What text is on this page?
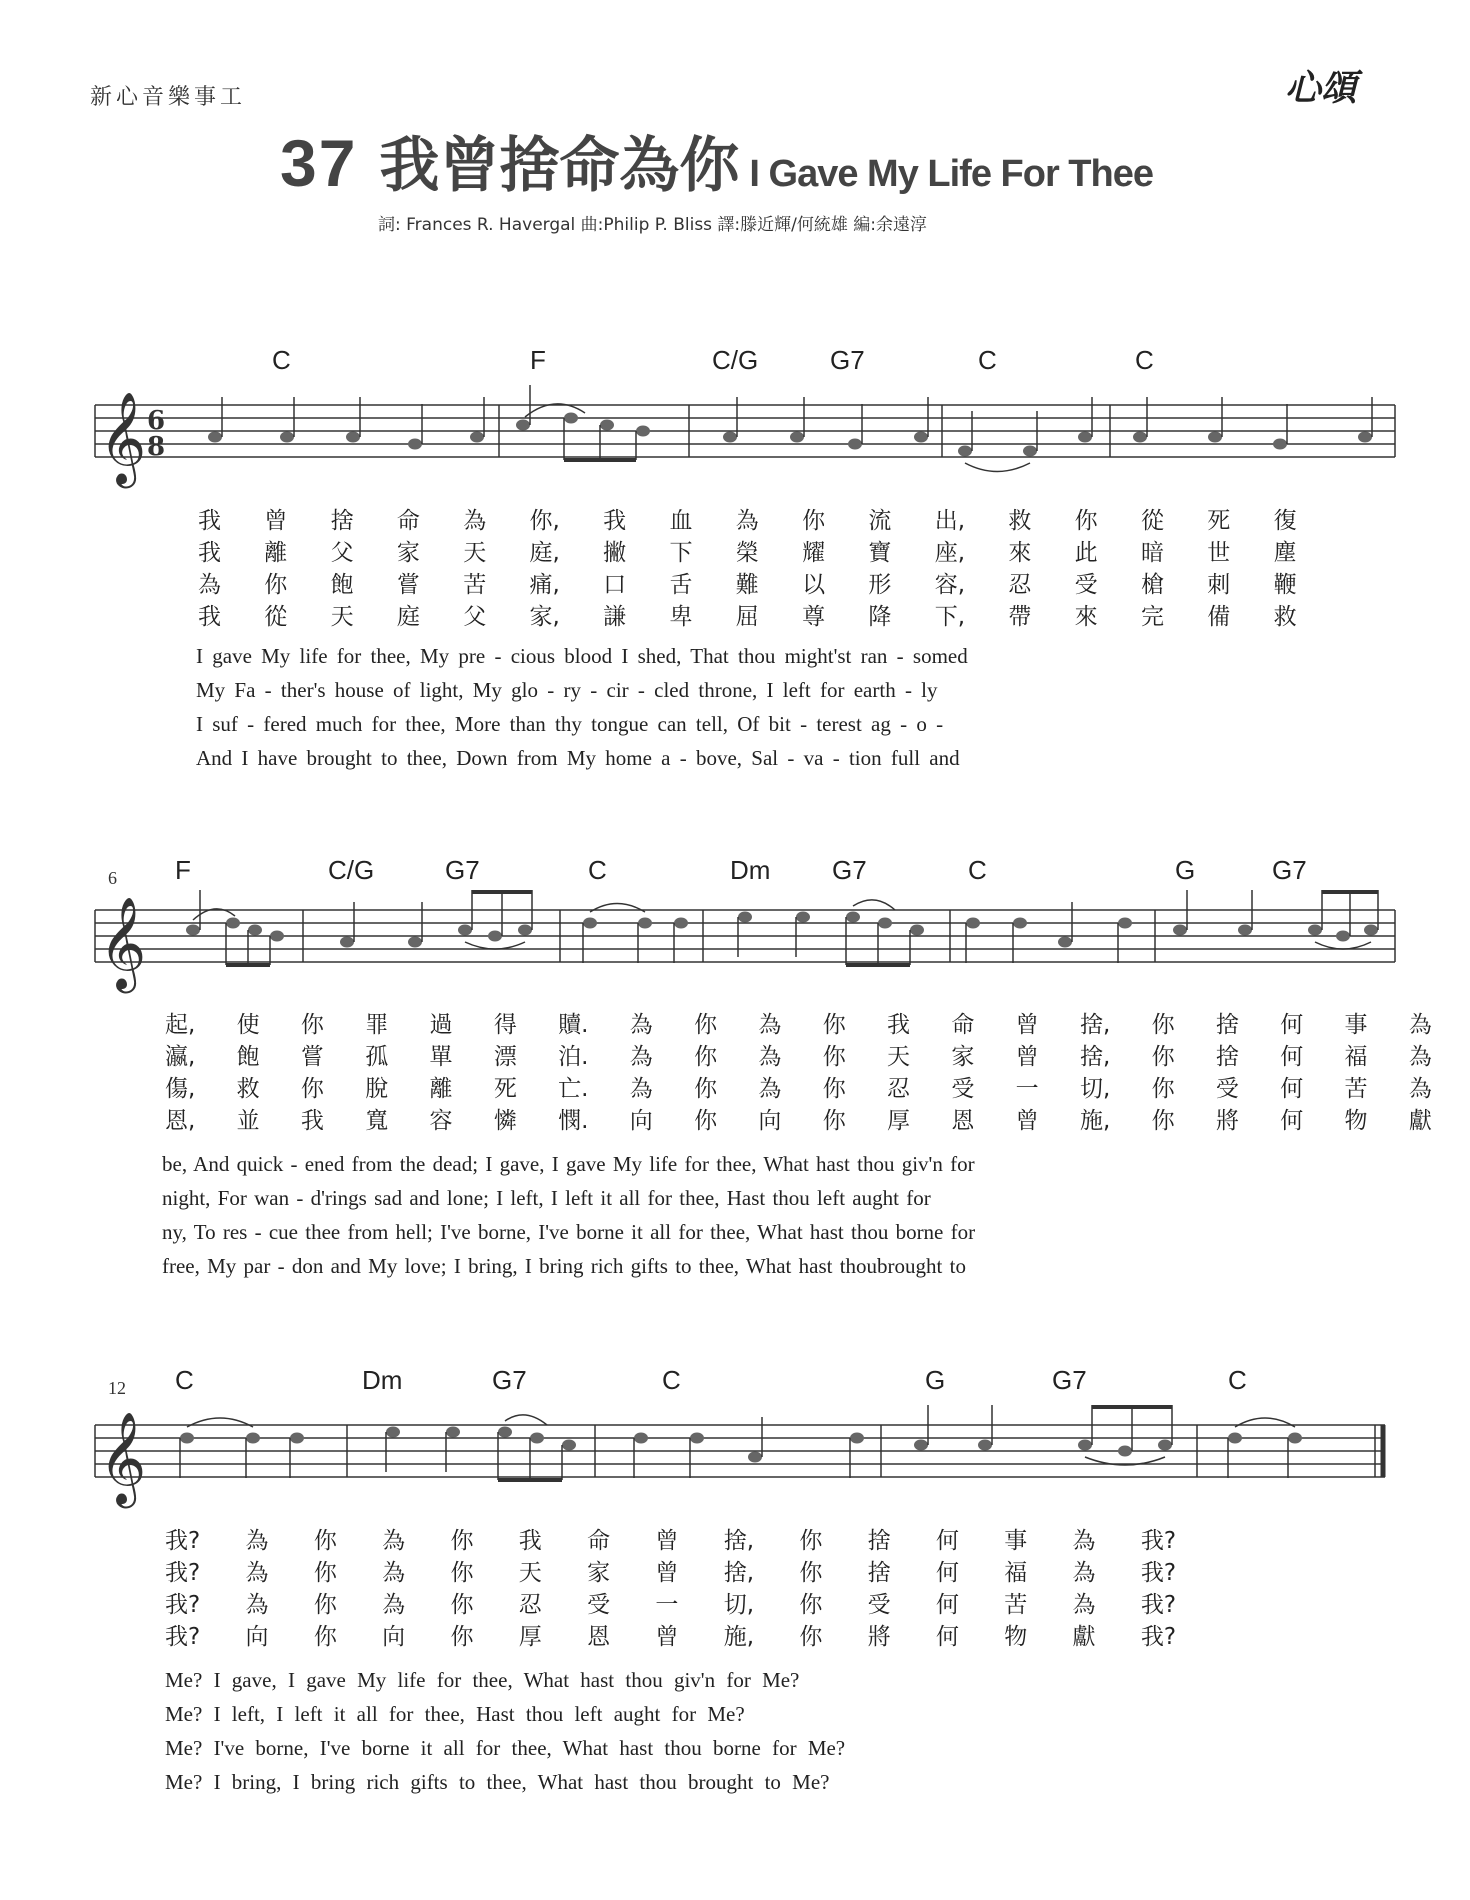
新心音樂事工	心頌
37 我曾捨命為你 I Gave My Life For Thee
詞: Frances R. Havergal 曲:Philip P. Bliss 譯:滕近輝/何統雄 編:余遠淳
C	F	C/G	G7	C	C
𝄞 6
8
我 曾 捨 命 為 你, 我 血 為 你 流 出, 救 你 從 死 復
我 離 父 家 天 庭, 撇 下 榮 耀 寶 座, 來 此 暗 世 塵
為 你 飽 嘗 苦 痛, 口 舌 難 以 形 容, 忍 受 槍 刺 鞭
我 從 天 庭 父 家, 謙 卑 屈 尊 降 下, 帶 來 完 備 救
I gave My life for thee, My pre - cious blood I shed, That thou might'st ran - somed
My Fa - ther's house of light, My glo - ry - cir - cled throne, I left for earth - ly
I suf - fered much for thee, More than thy tongue can tell, Of bit - terest ag - o -
And I have brought to thee, Down from My home a - bove, Sal - va - tion full and
6 F	C/G	G7	C	Dm G7	C	G	G7
𝄞
起, 使 你 罪 過 得 贖. 為 你 為 你 我 命 曾 捨, 你 捨 何 事 為
瀛, 飽 嘗 孤 單 漂 泊. 為 你 為 你 天 家 曾 捨, 你 捨 何 福 為
傷, 救 你 脫 離 死 亡. 為 你 為 你 忍 受 一 切, 你 受 何 苦 為
恩, 並 我 寬 容 憐 憫. 向 你 向 你 厚 恩 曾 施, 你 將 何 物 獻
be, And quick - ened from the dead; I gave, I gave My life for thee, What hast thou giv'n for
night, For wan - d'rings sad and lone; I left, I left it all for thee, Hast thou left aught for
ny, To res - cue thee from hell; I've borne, I've borne it all for thee, What hast thou borne for
free, My par - don and My love; I bring, I bring rich gifts to thee, What hast thoubrought to
12 C	Dm	G7	C	G	G7	C
𝄞
我? 為 你 為 你 我 命 曾 捨, 你 捨 何 事 為 我?
我? 為 你 為 你 天 家 曾 捨, 你 捨 何 福 為 我?
我? 為 你 為 你 忍 受 一 切, 你 受 何 苦 為 我?
我? 向 你 向 你 厚 恩 曾 施, 你 將 何 物 獻 我?
Me? I gave, I gave My life for thee, What hast thou giv'n for Me?
Me? I left, I left it all for thee, Hast thou left aught for Me?
Me? I've borne, I've borne it all for thee, What hast thou borne for Me?
Me? I bring, I bring rich gifts to thee, What hast thou brought to Me?
